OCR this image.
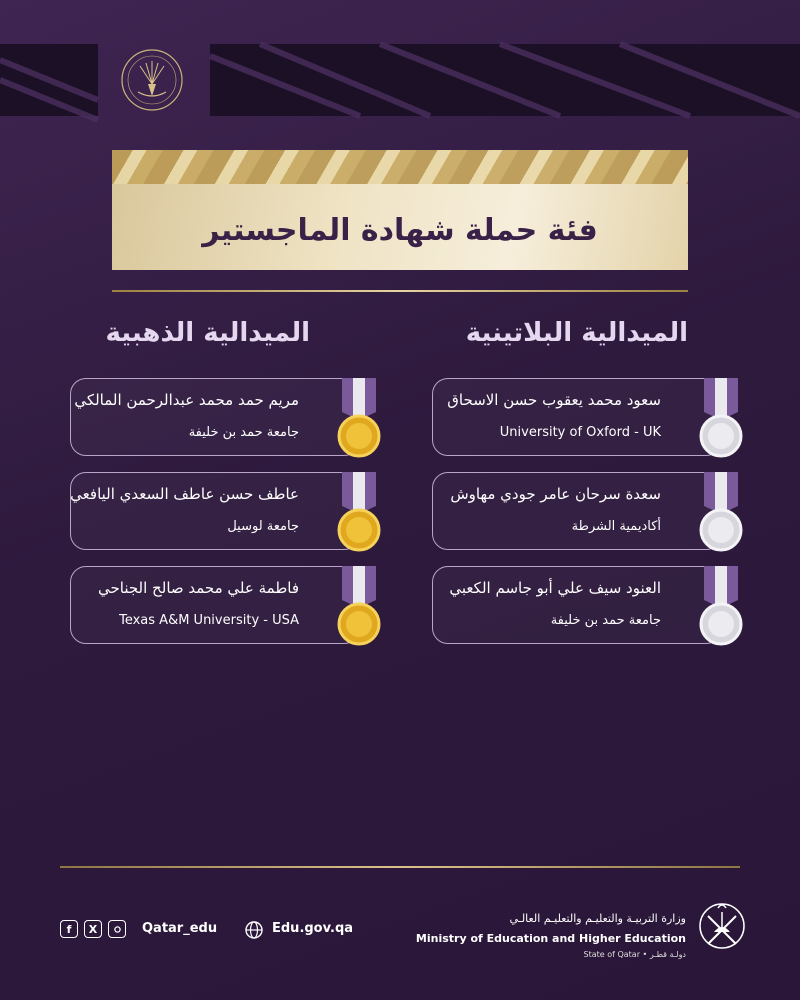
فئة حملة شهادة الماجستير
الميدالية البلاتينية
الميدالية الذهبية
سعود محمد يعقوب حسن الاسحاق
University of Oxford - UK
سعدة سرحان عامر جودي مهاوش
أكاديمية الشرطة
العنود سيف علي أبو جاسم الكعبي
جامعة حمد بن خليفة
مريم حمد محمد عبدالرحمن المالكي
جامعة حمد بن خليفة
عاطف حسن عاطف السعدي اليافعي
جامعة لوسيل
فاطمة علي محمد صالح الجناحي
Texas A&M University - USA
f	X	Qatar_edu	Edu.gov.qa
وزارة التربيـة والتعليـم والتعليـم العالـي
Ministry of Education and Higher Education
State of Qatar • دولـة قطـر
